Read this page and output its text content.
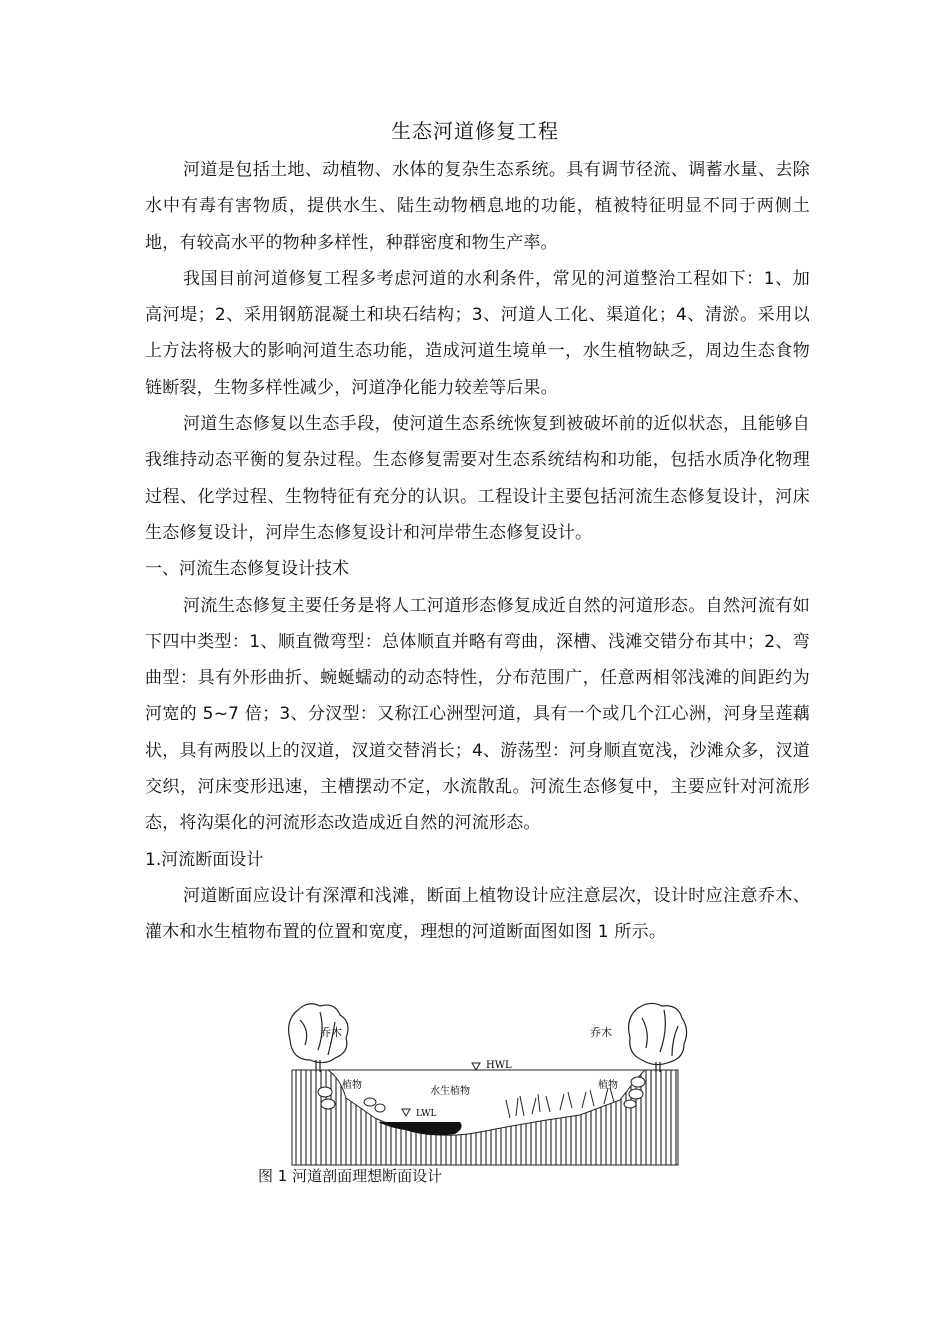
生态河道修复工程

河道是包括土地、动植物、水体的复杂生态系统。具有调节径流、调蓄水量、去除水中有毒有害物质，提供水生、陆生动物栖息地的功能，植被特征明显不同于两侧土地，有较高水平的物种多样性，种群密度和物生产率。

我国目前河道修复工程多考虑河道的水利条件，常见的河道整治工程如下：1、加高河堤；2、采用钢筋混凝土和块石结构；3、河道人工化、渠道化；4、清淤。采用以上方法将极大的影响河道生态功能，造成河道生境单一，水生植物缺乏，周边生态食物链断裂，生物多样性减少，河道净化能力较差等后果。

河道生态修复以生态手段，使河道生态系统恢复到被破坏前的近似状态，且能够自我维持动态平衡的复杂过程。生态修复需要对生态系统结构和功能，包括水质净化物理过程、化学过程、生物特征有充分的认识。工程设计主要包括河流生态修复设计，河床生态修复设计，河岸生态修复设计和河岸带生态修复设计。

一、河流生态修复设计技术

河流生态修复主要任务是将人工河道形态修复成近自然的河道形态。自然河流有如下四中类型：1、顺直微弯型：总体顺直并略有弯曲，深槽、浅滩交错分布其中；2、弯曲型：具有外形曲折、蜿蜒蠕动的动态特性，分布范围广，任意两相邻浅滩的间距约为河宽的 5~7 倍；3、分汊型：又称江心洲型河道，具有一个或几个江心洲，河身呈莲藕状，具有两股以上的汊道，汊道交替消长；4、游荡型：河身顺直宽浅，沙滩众多，汊道交织，河床变形迅速，主槽摆动不定，水流散乱。河流生态修复中，主要应针对河流形态，将沟渠化的河流形态改造成近自然的河流形态。

1.河流断面设计

河道断面应设计有深潭和浅滩，断面上植物设计应注意层次，设计时应注意乔木、灌木和水生植物布置的位置和宽度，理想的河道断面图如图 1 所示。

乔木	乔木
HWL
LWL
植物
水生植物
植物
图 1 河道剖面理想断面设计
